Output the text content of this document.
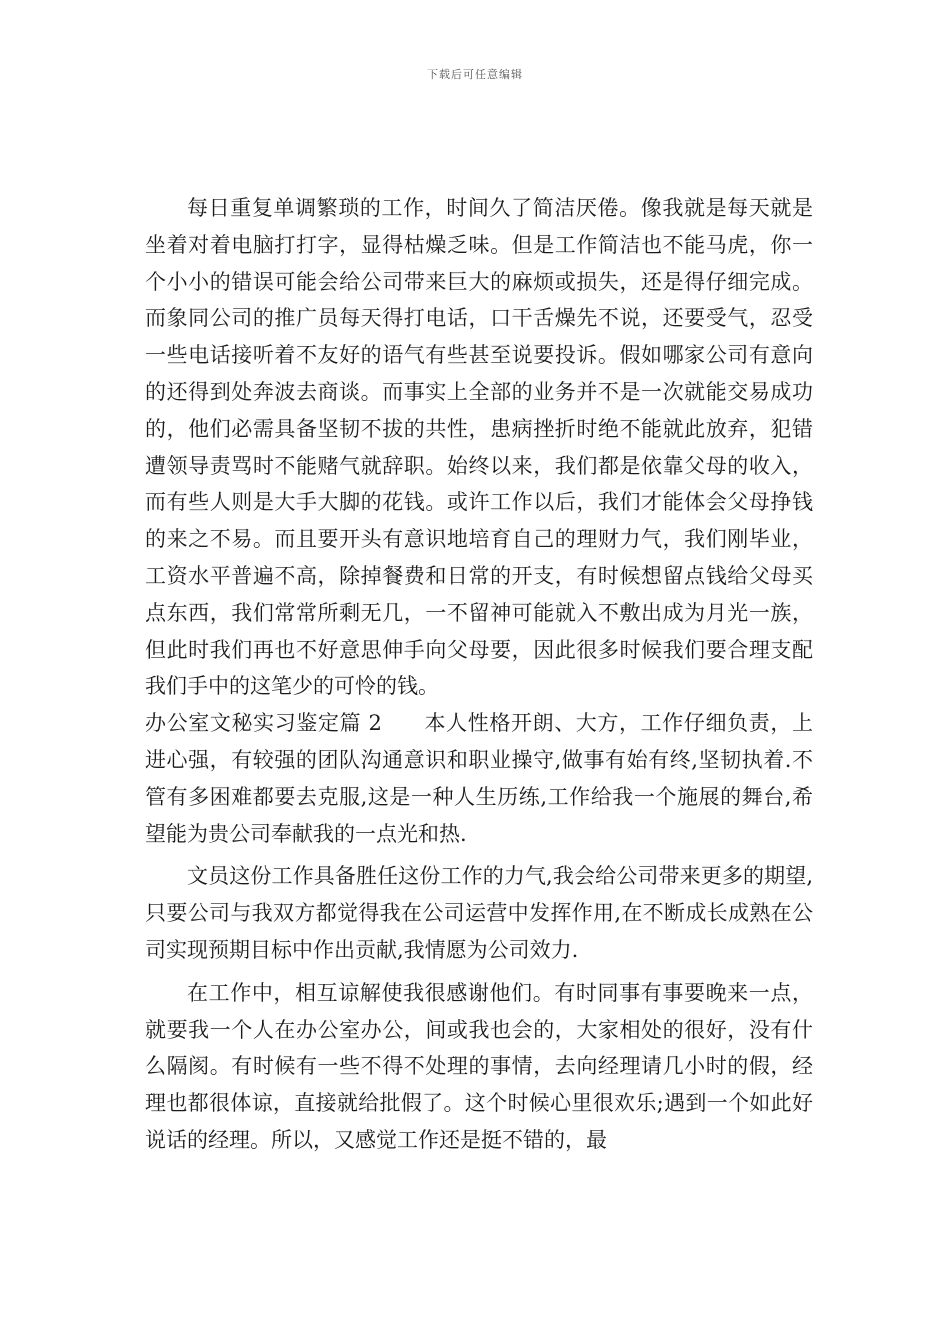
下载后可任意编辑

每日重复单调繁琐的工作，时间久了简洁厌倦。像我就是每天就是坐着对着电脑打打字，显得枯燥乏味。但是工作简洁也不能马虎，你一个小小的错误可能会给公司带来巨大的麻烦或损失，还是得仔细完成。而象同公司的推广员每天得打电话，口干舌燥先不说，还要受气，忍受一些电话接听着不友好的语气有些甚至说要投诉。假如哪家公司有意向的还得到处奔波去商谈。而事实上全部的业务并不是一次就能交易成功的，他们必需具备坚韧不拔的共性，患病挫折时绝不能就此放弃，犯错遭领导责骂时不能赌气就辞职。始终以来，我们都是依靠父母的收入，而有些人则是大手大脚的花钱。或许工作以后，我们才能体会父母挣钱的来之不易。而且要开头有意识地培育自己的理财力气，我们刚毕业，工资水平普遍不高，除掉餐费和日常的开支，有时候想留点钱给父母买点东西，我们常常所剩无几，一不留神可能就入不敷出成为月光一族，但此时我们再也不好意思伸手向父母要，因此很多时候我们要合理支配我们手中的这笔少的可怜的钱。

办公室文秘实习鉴定篇 2 本人性格开朗、大方，工作仔细负责，上进心强，有较强的团队沟通意识和职业操守,做事有始有终,坚韧执着.不管有多困难都要去克服,这是一种人生历练,工作给我一个施展的舞台,希望能为贵公司奉献我的一点光和热.

文员这份工作具备胜任这份工作的力气,我会给公司带来更多的期望,只要公司与我双方都觉得我在公司运营中发挥作用,在不断成长成熟在公司实现预期目标中作出贡献,我情愿为公司效力.

在工作中，相互谅解使我很感谢他们。有时同事有事要晚来一点，就要我一个人在办公室办公，间或我也会的，大家相处的很好，没有什么隔阂。有时候有一些不得不处理的事情，去向经理请几小时的假，经理也都很体谅，直接就给批假了。这个时候心里很欢乐;遇到一个如此好说话的经理。所以，又感觉工作还是挺不错的，最
